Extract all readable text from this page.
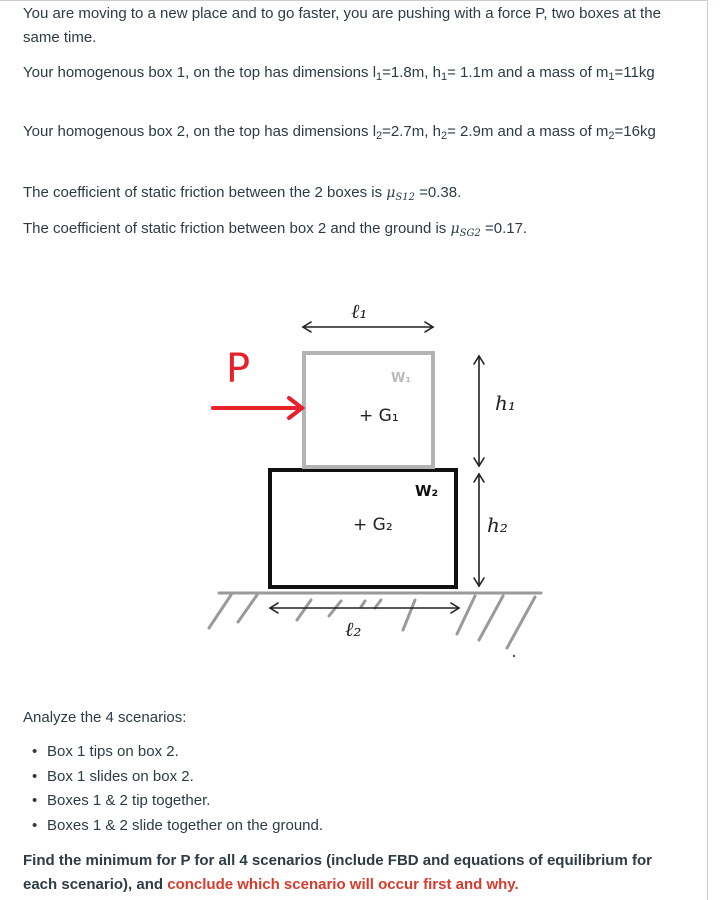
You are moving to a new place and to go faster, you are pushing with a force P, two boxes at the same time.

Your homogenous box 1, on the top has dimensions $l_1=1.8m$, $h_1= 1.1m$ and a mass of $m_1=11kg$

Your homogenous box 2, on the top has dimensions $l_2=2.7m$, $h_2= 2.9m$ and a mass of $m_2=16kg$

The coefficient of static friction between the 2 boxes is $\mu_{S12} =0.38$.

The coefficient of static friction between box 2 and the ground is $\mu_{SG2} =0.17$.

P
ℓ₁
ℓ₂
h₁
h₂
W₁
W₂
+ G₁
+ G₂

Analyze the 4 scenarios:

• Box 1 tips on box 2.
• Box 1 slides on box 2.
• Boxes 1 & 2 tip together.
• Boxes 1 & 2 slide together on the ground.

Find the minimum for P for all 4 scenarios (include FBD and equations of equilibrium for each scenario), and conclude which scenario will occur first and why.
